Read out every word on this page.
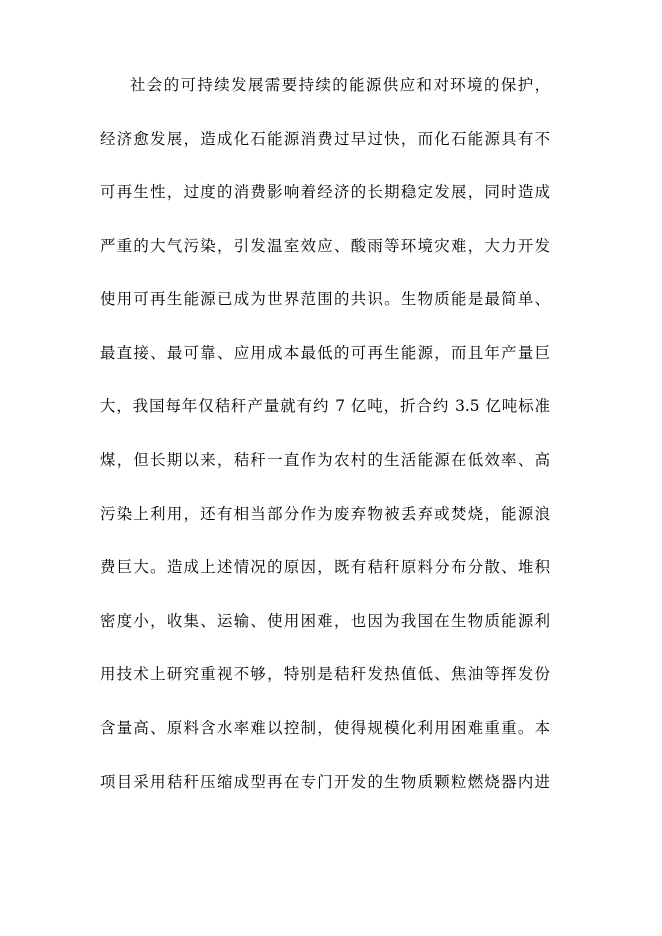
社会的可持续发展需要持续的能源供应和对环境的保护，
经济愈发展，造成化石能源消费过早过快，而化石能源具有不
可再生性，过度的消费影响着经济的长期稳定发展，同时造成
严重的大气污染，引发温室效应、酸雨等环境灾难，大力开发
使用可再生能源已成为世界范围的共识。生物质能是最简单、
最直接、最可靠、应用成本最低的可再生能源，而且年产量巨
大，我国每年仅秸秆产量就有约 7 亿吨，折合约 3.5 亿吨标准
煤，但长期以来，秸秆一直作为农村的生活能源在低效率、高
污染上利用，还有相当部分作为废弃物被丢弃或焚烧，能源浪
费巨大。造成上述情况的原因，既有秸秆原料分布分散、堆积
密度小，收集、运输、使用困难，也因为我国在生物质能源利
用技术上研究重视不够，特别是秸秆发热值低、焦油等挥发份
含量高、原料含水率难以控制，使得规模化利用困难重重。本
项目采用秸秆压缩成型再在专门开发的生物质颗粒燃烧器内进
